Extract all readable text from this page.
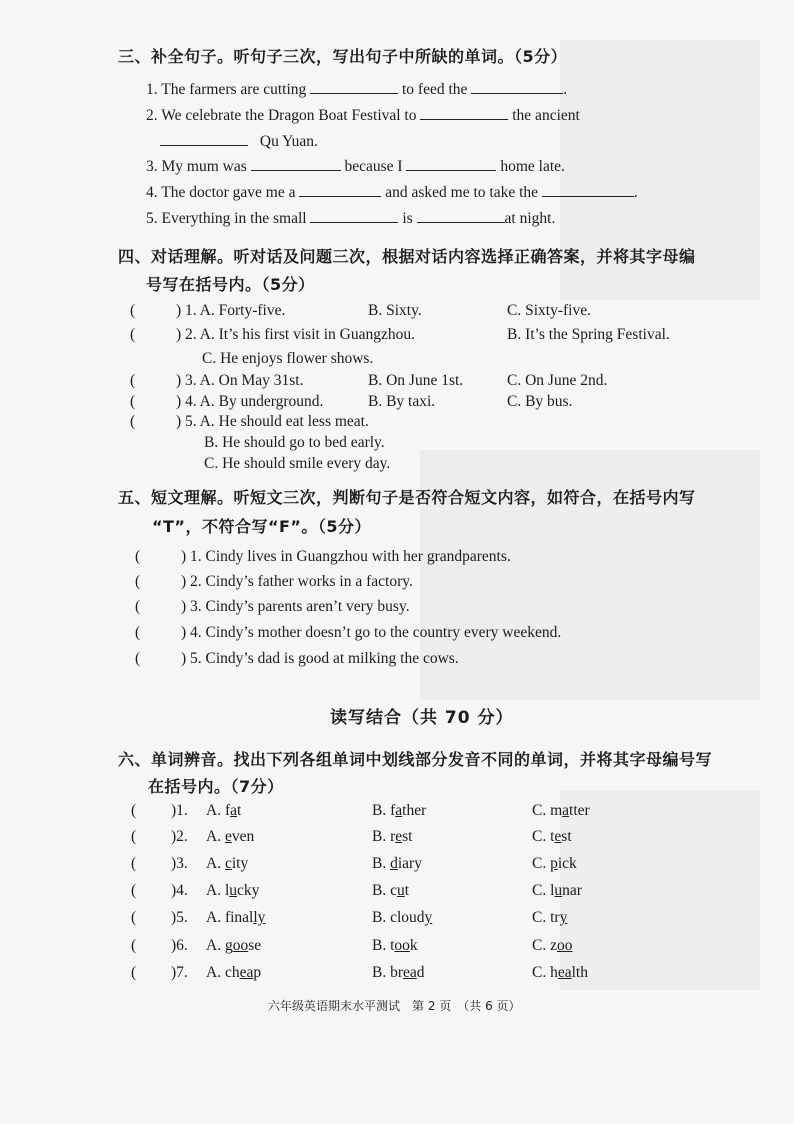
三、补全句子。听句子三次，写出句子中所缺的单词。（5分）
1. The farmers are cutting	to feed the	.
2. We celebrate the Dragon Boat Festival to	the ancient
Qu Yuan.
3. My mum was	because I	home late.
4. The doctor gave me a	and asked me to take the	.
5. Everything in the small	is	at night.
四、对话理解。听对话及问题三次，根据对话内容选择正确答案，并将其字母编
号写在括号内。（5分）
(	) 1. A. Forty-five.	B. Sixty.	C. Sixty-five.
(	) 2. A. It’s his first visit in Guangzhou.	B. It’s the Spring Festival.
C. He enjoys flower shows.
(	) 3. A. On May 31st.	B. On June 1st.	C. On June 2nd.
(	) 4. A. By underground.	B. By taxi.	C. By bus.
(	) 5. A. He should eat less meat.
B. He should go to bed early.
C. He should smile every day.
五、短文理解。听短文三次，判断句子是否符合短文内容，如符合，在括号内写
“T”，不符合写“F”。（5分）
(	) 1. Cindy lives in Guangzhou with her grandparents.
(	) 2. Cindy’s father works in a factory.
(	) 3. Cindy’s parents aren’t very busy.
(	) 4. Cindy’s mother doesn’t go to the country every weekend.
(	) 5. Cindy’s dad is good at milking the cows.
读写结合（共 70 分）
六、单词辨音。找出下列各组单词中划线部分发音不同的单词，并将其字母编号写
在括号内。（7分）
( )1. A. fat	B. father	C. matter
( )2. A. even	B. rest	C. test
( )3. A. city	B. diary	C. pick
( )4. A. lucky	B. cut	C. lunar
( )5. A. finally	B. cloudy	C. try
( )6. A. goose	B. took	C. zoo
( )7. A. cheap	B. bread	C. health
六年级英语期末水平测试　第 2 页　（共 6 页）
